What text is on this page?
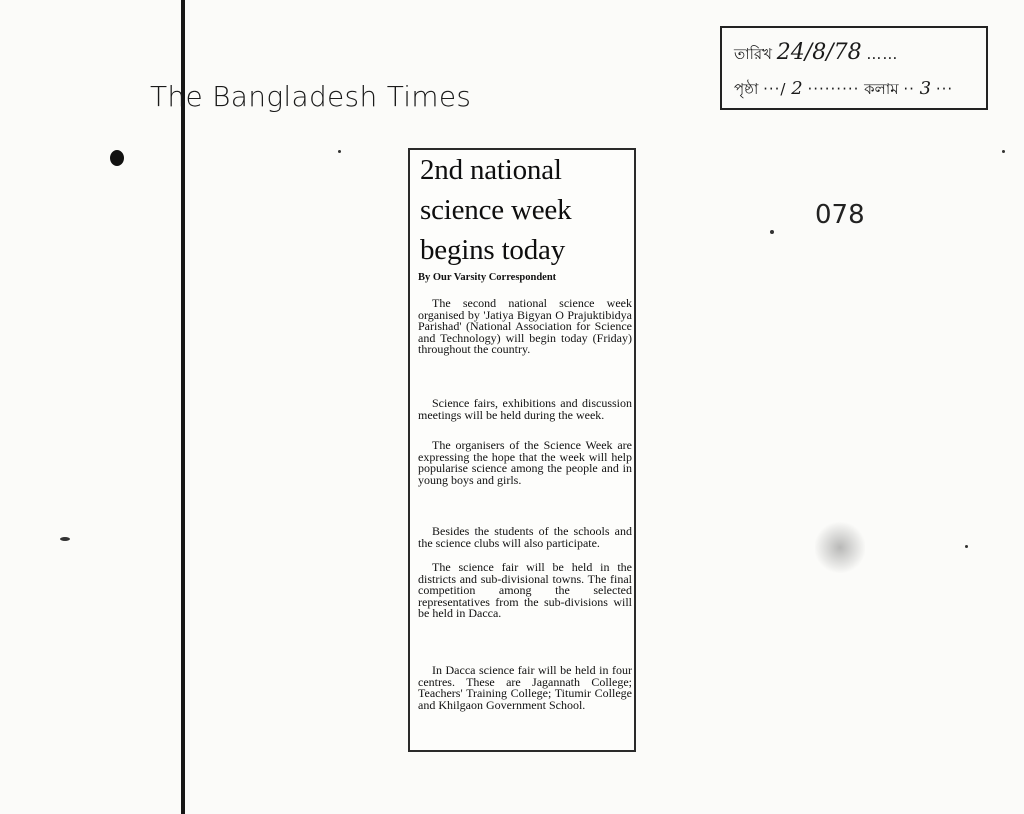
The Bangladesh Times
তারিখ 24/8/78 ……
পৃষ্ঠা ···/ 2 ········· কলাম ·· 3 ···
078
2nd national science week begins today
By Our Varsity Correspondent

The second national science week organised by 'Jatiya Bigyan O Prajuktibidya Parishad' (National Association for Science and Technology) will begin today (Friday) throughout the country.

Science fairs, exhibitions and discussion meetings will be held during the week.

The organisers of the Science Week are expressing the hope that the week will help popularise science among the people and in young boys and girls.

Besides the students of the schools and the science clubs will also participate.

The science fair will be held in the districts and sub-divisional towns. The final competition among the selected representatives from the sub-divisions will be held in Dacca.

In Dacca science fair will be held in four centres. These are Jagannath College; Teachers' Training College; Titumir College and Khilgaon Government School.
